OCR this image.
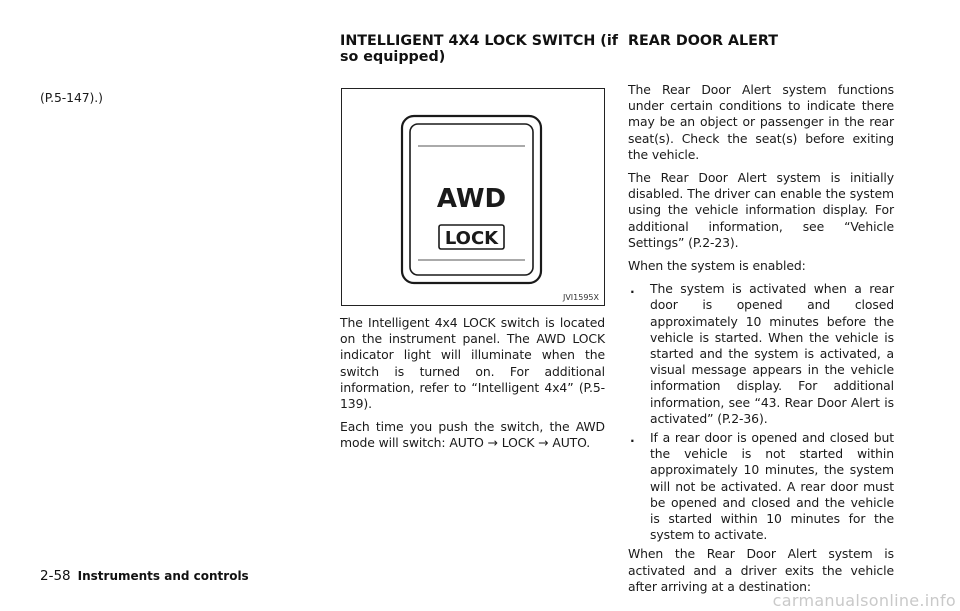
(P.5-147).)

INTELLIGENT 4X4 LOCK SWITCH (if so equipped)
AWD
LOCK
JVI1595X

The Intelligent 4x4 LOCK switch is located on the instrument panel. The AWD LOCK indicator light will illuminate when the switch is turned on. For additional information, refer to “Intelligent 4x4” (P.5-139).

Each time you push the switch, the AWD mode will switch: AUTO → LOCK → AUTO.

REAR DOOR ALERT

The Rear Door Alert system functions under certain conditions to indicate there may be an object or passenger in the rear seat(s). Check the seat(s) before exiting the vehicle.

The Rear Door Alert system is initially disabled. The driver can enable the system using the vehicle information display. For additional information, see “Vehicle Settings” (P.2-23).

When the system is enabled:

. The system is activated when a rear door is opened and closed approximately 10 minutes before the vehicle is started. When the vehicle is started and the system is activated, a visual message appears in the vehicle information display. For additional information, see “43. Rear Door Alert is activated” (P.2-36).
. If a rear door is opened and closed but the vehicle is not started within approximately 10 minutes, the system will not be activated. A rear door must be opened and closed and the vehicle is started within 10 minutes for the system to activate.

When the Rear Door Alert system is activated and a driver exits the vehicle after arriving at a destination:

2-58 Instruments and controls
carmanualsonline.info
